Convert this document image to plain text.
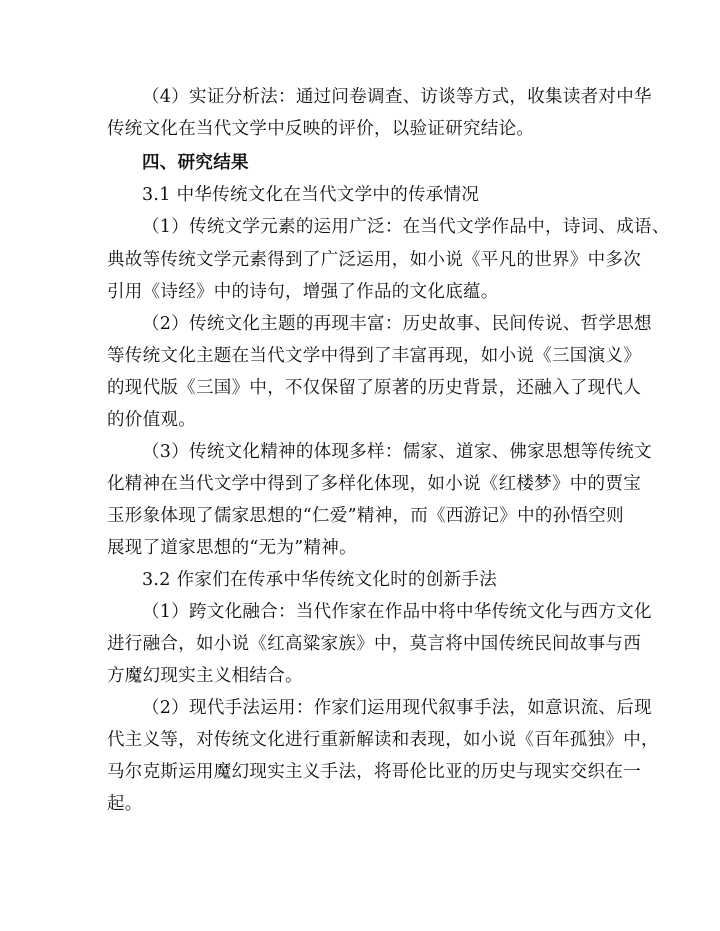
（4）实证分析法：通过问卷调查、访谈等方式，收集读者对中华
传统文化在当代文学中反映的评价，以验证研究结论。
四、研究结果
3.1 中华传统文化在当代文学中的传承情况
（1）传统文学元素的运用广泛：在当代文学作品中，诗词、成语、
典故等传统文学元素得到了广泛运用，如小说《平凡的世界》中多次
引用《诗经》中的诗句，增强了作品的文化底蕴。
（2）传统文化主题的再现丰富：历史故事、民间传说、哲学思想
等传统文化主题在当代文学中得到了丰富再现，如小说《三国演义》
的现代版《三国》中，不仅保留了原著的历史背景，还融入了现代人
的价值观。
（3）传统文化精神的体现多样：儒家、道家、佛家思想等传统文
化精神在当代文学中得到了多样化体现，如小说《红楼梦》中的贾宝
玉形象体现了儒家思想的“仁爱”精神，而《西游记》中的孙悟空则
展现了道家思想的“无为”精神。
3.2 作家们在传承中华传统文化时的创新手法
（1）跨文化融合：当代作家在作品中将中华传统文化与西方文化
进行融合，如小说《红高粱家族》中，莫言将中国传统民间故事与西
方魔幻现实主义相结合。
（2）现代手法运用：作家们运用现代叙事手法，如意识流、后现
代主义等，对传统文化进行重新解读和表现，如小说《百年孤独》中，
马尔克斯运用魔幻现实主义手法，将哥伦比亚的历史与现实交织在一
起。
